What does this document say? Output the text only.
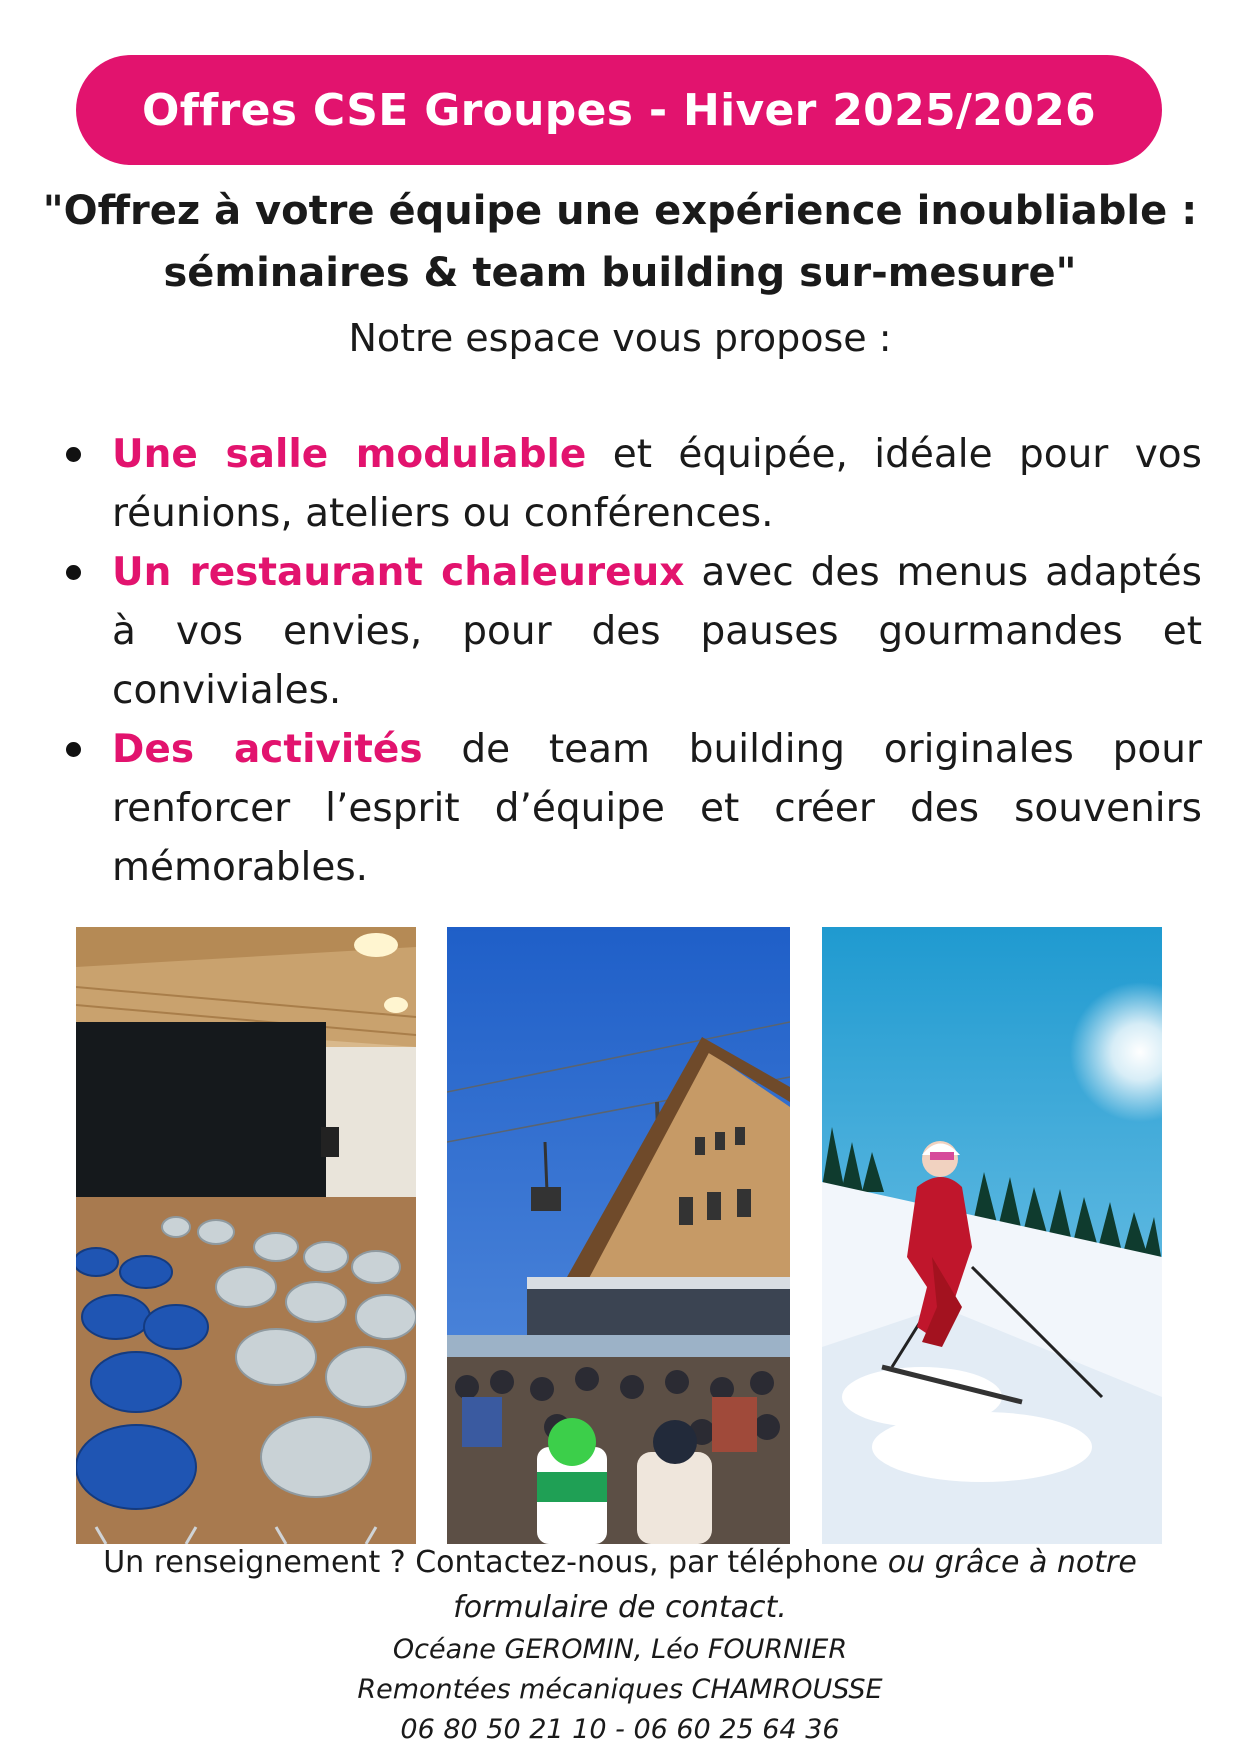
Offres CSE Groupes - Hiver 2025/2026
"Offrez à votre équipe une expérience inoubliable :
séminaires & team building sur-mesure"
Notre espace vous propose :
Une salle modulable et équipée, idéale pour vos réunions, ateliers ou conférences.
Un restaurant chaleureux avec des menus adaptés à vos envies, pour des pauses gourmandes et conviviales.
Des activités de team building originales pour renforcer l’esprit d’équipe et créer des souvenirs mémorables.
Un renseignement ? Contactez-nous, par téléphone ou grâce à notre
formulaire de contact.
Océane GEROMIN, Léo FOURNIER
Remontées mécaniques CHAMROUSSE
06 80 50 21 10 - 06 60 25 64 36
